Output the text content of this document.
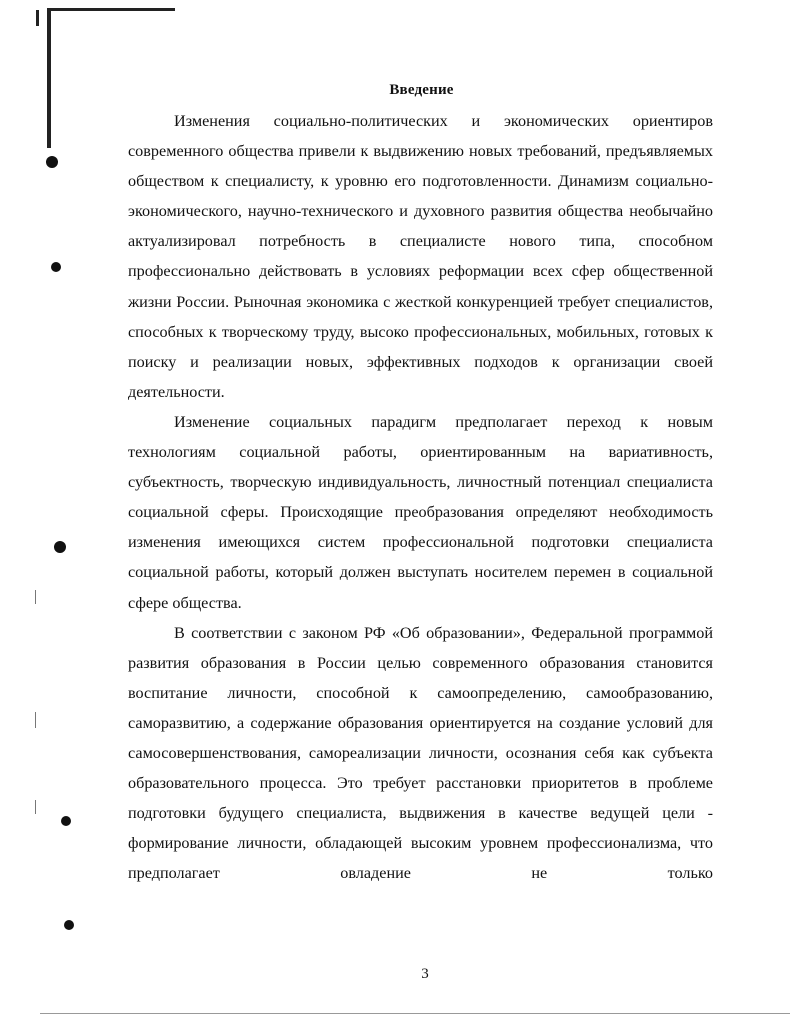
Введение

Изменения социально-политических и экономических ориентиров современного общества привели к выдвижению новых требований, предъявляемых обществом к специалисту, к уровню его подготовленности. Динамизм социально-экономического, научно-технического и духовного развития общества необычайно актуализировал потребность в специалисте нового типа, способном профессионально действовать в условиях реформации всех сфер общественной жизни России. Рыночная экономика с жесткой конкуренцией требует специалистов, способных к творческому труду, высоко профессиональных, мобильных, готовых к поиску и реализации новых, эффективных подходов к организации своей деятельности.

Изменение социальных парадигм предполагает переход к новым технологиям социальной работы, ориентированным на вариативность, субъектность, творческую индивидуальность, личностный потенциал специалиста социальной сферы. Происходящие преобразования определяют необходимость изменения имеющихся систем профессиональной подготовки специалиста социальной работы, который должен выступать носителем перемен в социальной сфере общества.

В соответствии с законом РФ «Об образовании», Федеральной программой развития образования в России целью современного образования становится воспитание личности, способной к самоопределению, самообразованию, саморазвитию, а содержание образования ориентируется на создание условий для самосовершенствования, самореализации личности, осознания себя как субъекта образовательного процесса. Это требует расстановки приоритетов в проблеме подготовки будущего специалиста, выдвижения в качестве ведущей цели - формирование личности, обладающей высоким уровнем профессионализма, что предполагает овладение не только

3
